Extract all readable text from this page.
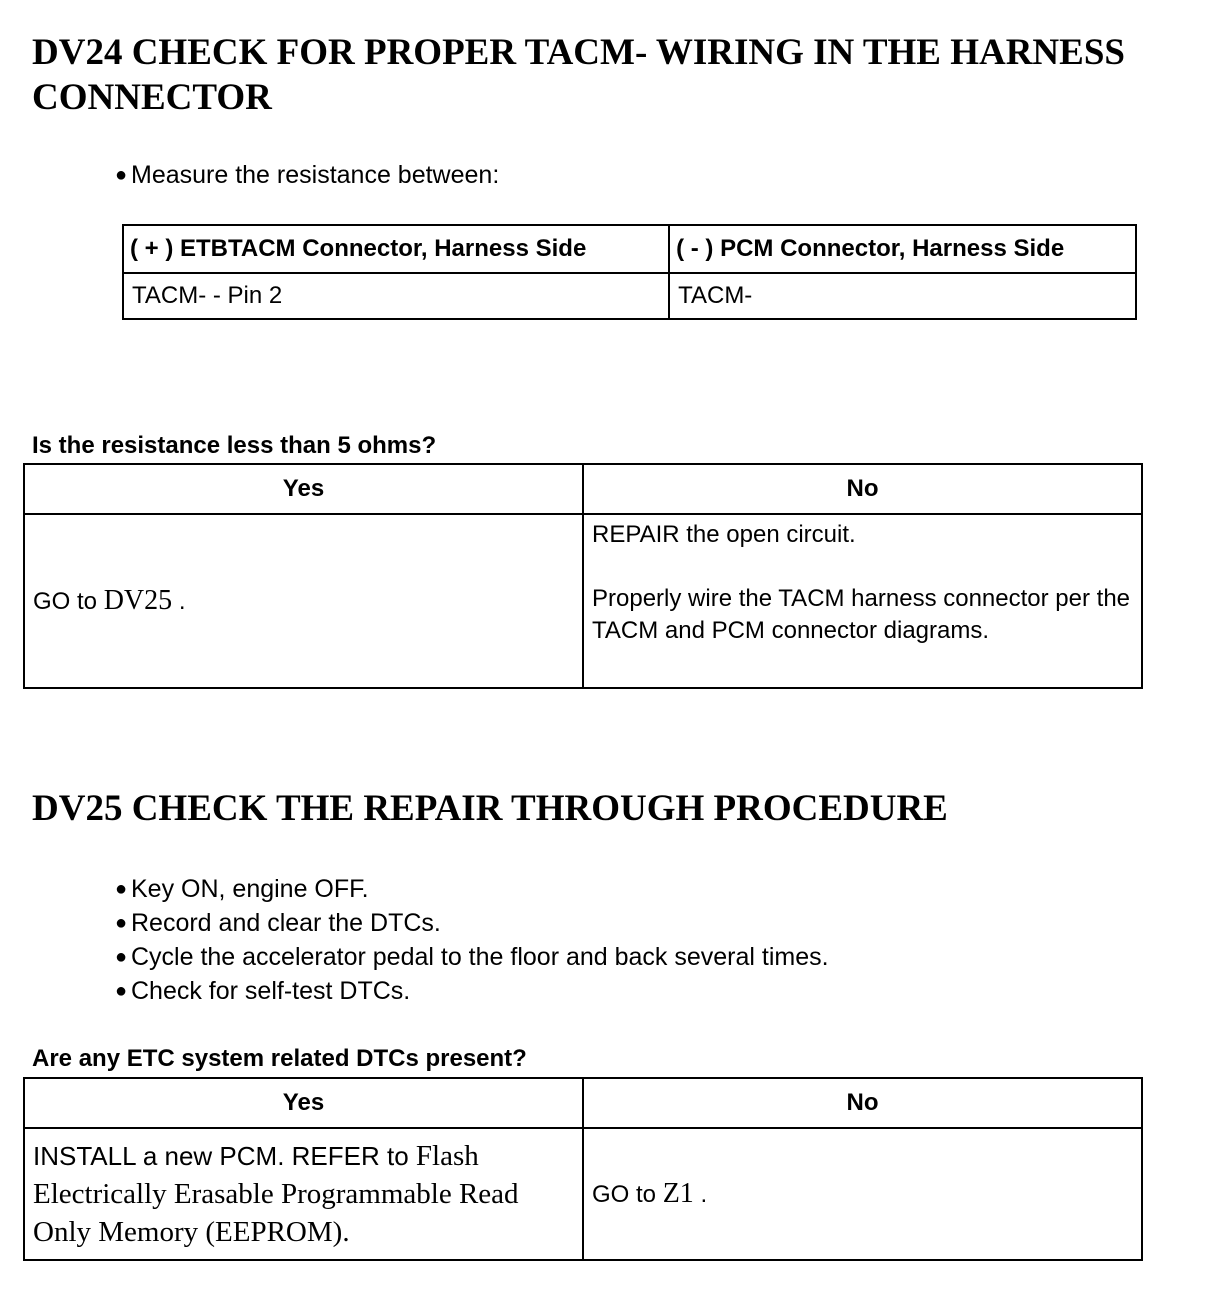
DV24 CHECK FOR PROPER TACM- WIRING IN THE HARNESS CONNECTOR
● Measure the resistance between:
( + ) ETBTACM Connector, Harness Side	( - ) PCM Connector, Harness Side
TACM- - Pin 2	TACM-
Is the resistance less than 5 ohms?
Yes	No
GO to DV25 .	REPAIR the open circuit.

Properly wire the TACM harness connector per the TACM and PCM connector diagrams.

DV25 CHECK THE REPAIR THROUGH PROCEDURE
● Key ON, engine OFF.
● Record and clear the DTCs.
● Cycle the accelerator pedal to the floor and back several times.
● Check for self-test DTCs.
Are any ETC system related DTCs present?
Yes	No
INSTALL a new PCM. REFER to Flash Electrically Erasable Programmable Read Only Memory (EEPROM).	GO to Z1 .
